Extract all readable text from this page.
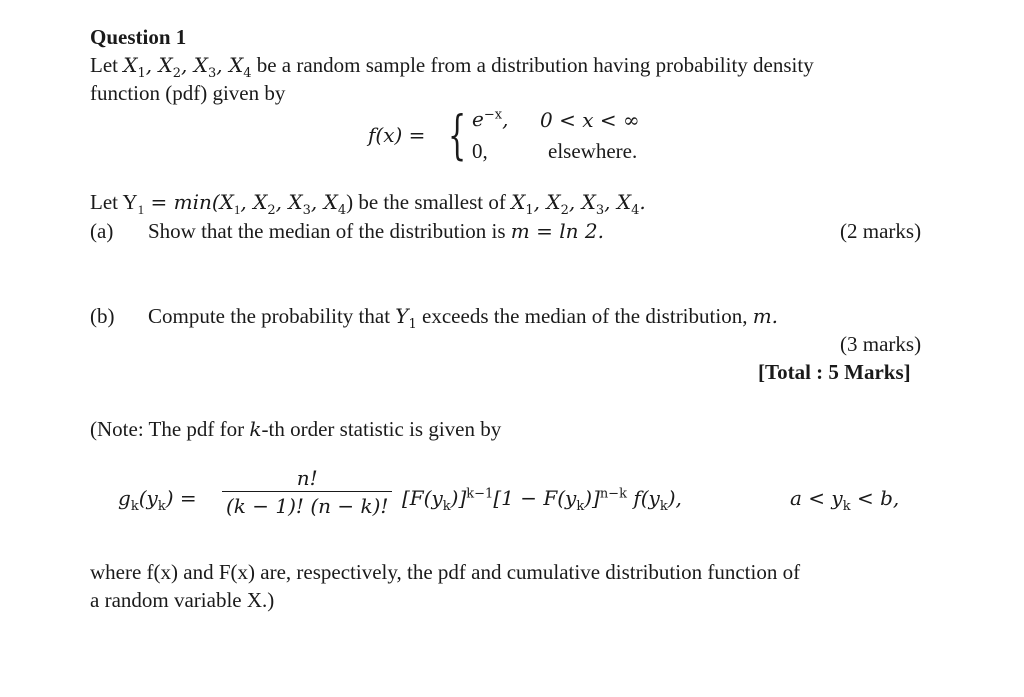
Question 1
Let $X_1$, $X_2$, $X_3$, $X_4$ be a random sample from a distribution having probability density
function (pdf) given by
f(x) = { $e^{-x}$, 0 < x < ∞
0,	elsewhere.
Let $Y_1 = \min(X_1$, $X_2$, $X_3$, $X_4$) be the smallest of $X_1$, $X_2$, $X_3$, $X_4$.
(a) Show that the median of the distribution is m = ln 2.	(2 marks)
(b) Compute the probability that $Y_1$ exceeds the median of the distribution, m.
(3 marks)
[Total : 5 Marks]
(Note: The pdf for k-th order statistic is given by
$g_k(y_k) = \frac{n!}{(k - 1)! (n - k)!} [F(y_k)]^{k-1}[1 - F(y_k)]^{n-k}$ $f(y_k)$,	$a < y_k < b$,
where f(x) and F(x) are, respectively, the pdf and cumulative distribution function of
a random variable X.)
